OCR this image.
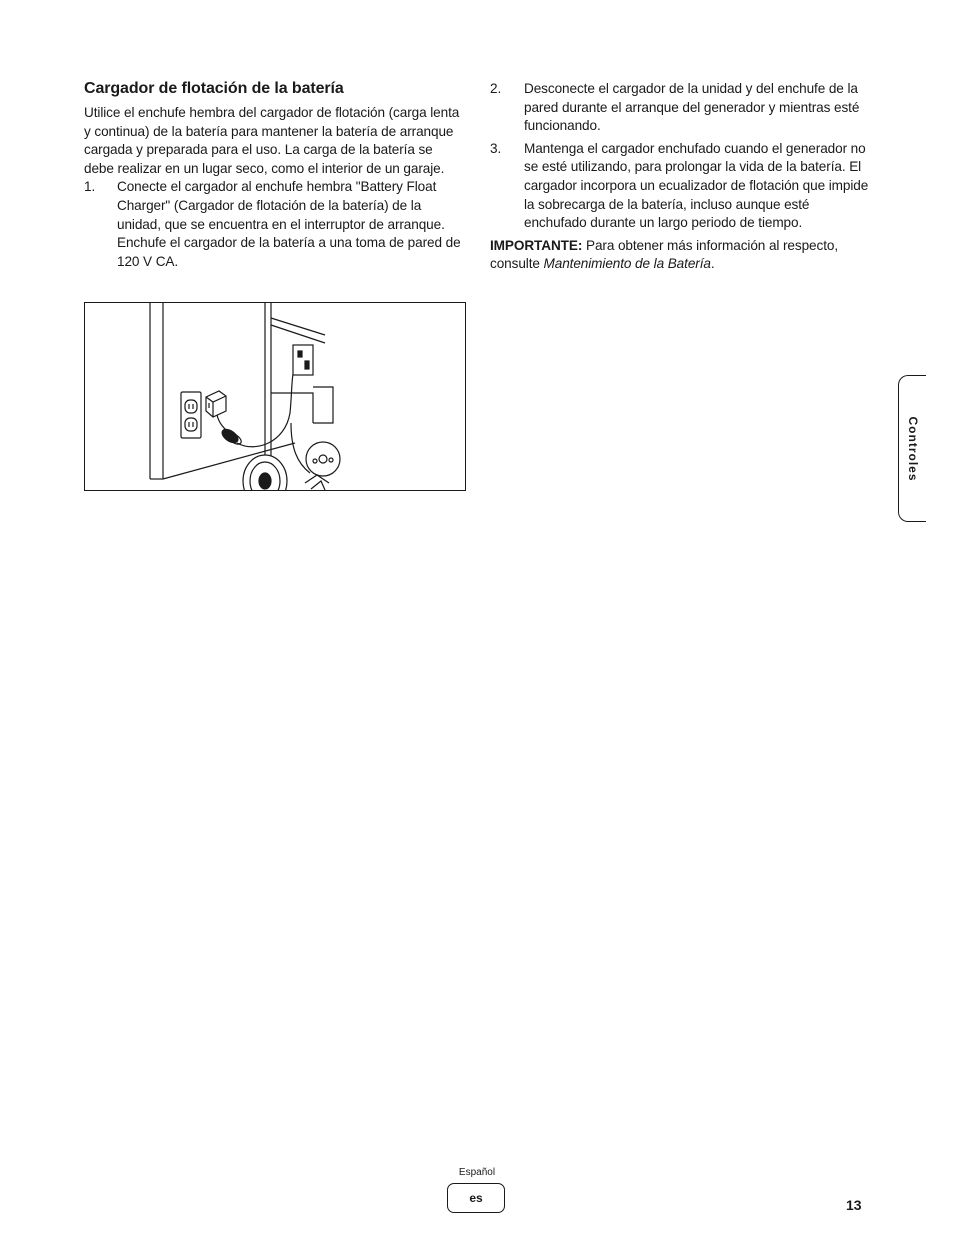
Cargador de flotación de la batería

Utilice el enchufe hembra del cargador de flotación (carga lenta y continua) de la batería para mantener la batería de arranque cargada y preparada para el uso. La carga de la batería se debe realizar en un lugar seco, como el interior de un garaje.

1. Conecte el cargador al enchufe hembra "Battery Float Charger" (Cargador de flotación de la batería) de la unidad, que se encuentra en el interruptor de arranque. Enchufe el cargador de la batería a una toma de pared de 120 V CA.
2. Desconecte el cargador de la unidad y del enchufe de la pared durante el arranque del generador y mientras esté funcionando.
3. Mantenga el cargador enchufado cuando el generador no se esté utilizando, para prolongar la vida de la batería. El cargador incorpora un ecualizador de flotación que impide la sobrecarga de la batería, incluso aunque esté enchufado durante un largo periodo de tiempo.

IMPORTANTE: Para obtener más información al respecto, consulte Mantenimiento de la Batería.

Controles
Español
es	13
